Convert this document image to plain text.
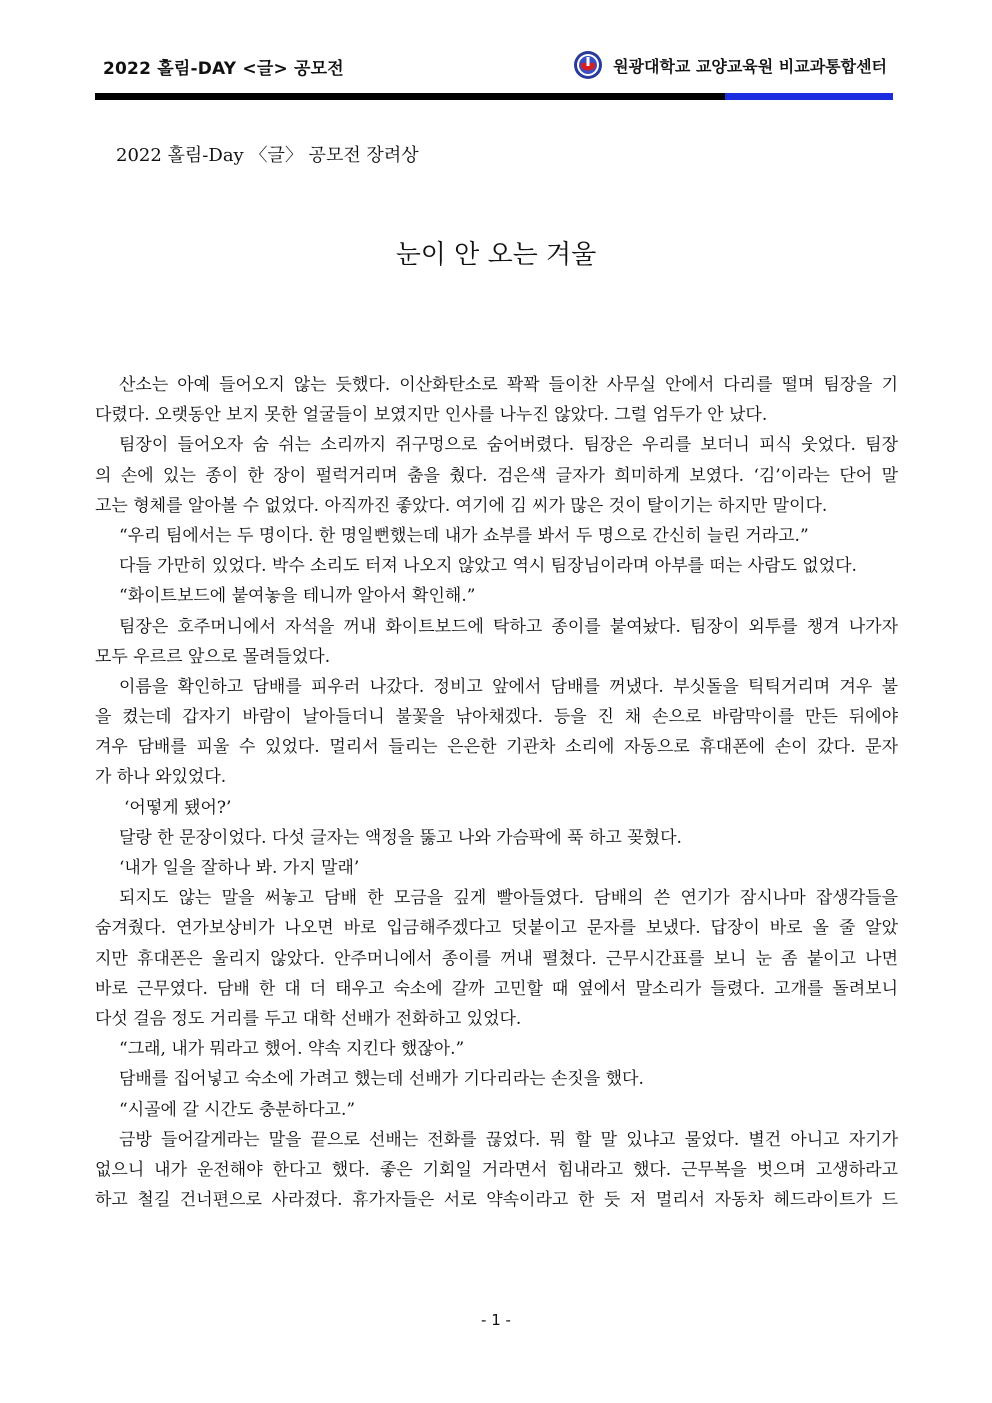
2022 홀림-DAY <글> 공모전	원광대학교 교양교육원 비교과통합센터
2022 홀림-Day 〈글〉 공모전 장려상
눈이 안 오는 겨울
산소는 아예 들어오지 않는 듯했다. 이산화탄소로 꽉꽉 들이찬 사무실 안에서 다리를 떨며 팀장을 기
다렸다. 오랫동안 보지 못한 얼굴들이 보였지만 인사를 나누진 않았다. 그럴 엄두가 안 났다.
팀장이 들어오자 숨 쉬는 소리까지 쥐구멍으로 숨어버렸다. 팀장은 우리를 보더니 피식 웃었다. 팀장
의 손에 있는 종이 한 장이 펄럭거리며 춤을 췄다. 검은색 글자가 희미하게 보였다. ‘김’이라는 단어 말
고는 형체를 알아볼 수 없었다. 아직까진 좋았다. 여기에 김 씨가 많은 것이 탈이기는 하지만 말이다.
“우리 팀에서는 두 명이다. 한 명일뻔했는데 내가 쇼부를 봐서 두 명으로 간신히 늘린 거라고.”
다들 가만히 있었다. 박수 소리도 터져 나오지 않았고 역시 팀장님이라며 아부를 떠는 사람도 없었다.
“화이트보드에 붙여놓을 테니까 알아서 확인해.”
팀장은 호주머니에서 자석을 꺼내 화이트보드에 탁하고 종이를 붙여놨다. 팀장이 외투를 챙겨 나가자
모두 우르르 앞으로 몰려들었다.
이름을 확인하고 담배를 피우러 나갔다. 정비고 앞에서 담배를 꺼냈다. 부싯돌을 틱틱거리며 겨우 불
을 켰는데 갑자기 바람이 날아들더니 불꽃을 낚아채겠다. 등을 진 채 손으로 바람막이를 만든 뒤에야
겨우 담배를 피울 수 있었다. 멀리서 들리는 은은한 기관차 소리에 자동으로 휴대폰에 손이 갔다. 문자
가 하나 와있었다.
‘어떻게 됐어?’
달랑 한 문장이었다. 다섯 글자는 액정을 뚫고 나와 가슴팍에 푹 하고 꽂혔다.
‘내가 일을 잘하나 봐. 가지 말래’
되지도 않는 말을 써놓고 담배 한 모금을 깊게 빨아들였다. 담배의 쓴 연기가 잠시나마 잡생각들을
숨겨줬다. 연가보상비가 나오면 바로 입금해주겠다고 덧붙이고 문자를 보냈다. 답장이 바로 올 줄 알았
지만 휴대폰은 울리지 않았다. 안주머니에서 종이를 꺼내 펼쳤다. 근무시간표를 보니 눈 좀 붙이고 나면
바로 근무였다. 담배 한 대 더 태우고 숙소에 갈까 고민할 때 옆에서 말소리가 들렸다. 고개를 돌려보니
다섯 걸음 정도 거리를 두고 대학 선배가 전화하고 있었다.
“그래, 내가 뭐라고 했어. 약속 지킨다 했잖아.”
담배를 집어넣고 숙소에 가려고 했는데 선배가 기다리라는 손짓을 했다.
“시골에 갈 시간도 충분하다고.”
금방 들어갈게라는 말을 끝으로 선배는 전화를 끊었다. 뭐 할 말 있냐고 물었다. 별건 아니고 자기가
없으니 내가 운전해야 한다고 했다. 좋은 기회일 거라면서 힘내라고 했다. 근무복을 벗으며 고생하라고
하고 철길 건너편으로 사라졌다. 휴가자들은 서로 약속이라고 한 듯 저 멀리서 자동차 헤드라이트가 드
- 1 -
